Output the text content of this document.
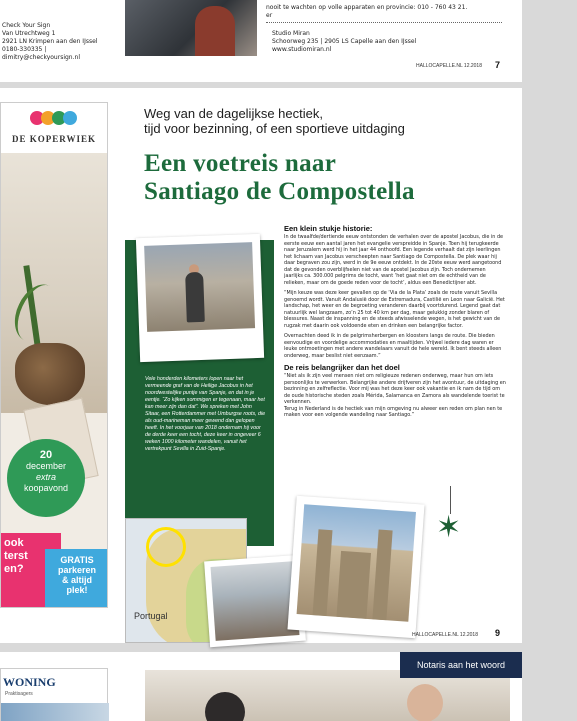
Check Your Sign
Van Utrechtweg 1
2921 LN Krimpen aan den IJssel
0180-330335 | dimitry@checkyoursign.nl
nooit te wachten op volle apparaten en er
provincie: 010 - 760 43 21.
Studio Miran
Schoorweg 235 | 2905 LS Capelle aan den IJssel
www.studiomiran.nl
HALLOCAPELLE.NL 12.2018 7
DE KOPERWIEK
20
december
extra
koopavond
ook
terst
en?
GRATIS
parkeren
& altijd
plek!
Weg van de dagelijkse hectiek,
tijd voor bezinning, of een sportieve uitdaging
Een voetreis naar
Santiago de Compostella
Vele honderden kilometers lopen naar het vermeende graf van de Heilige Jacobus in het noordwestelijke puntje van Spanje, en dat in je eentje. “Zo kijken sommigen er tegenaan, maar het kan meer zijn dan dat”. We spreken met John Sitaar, een Rotterdammer met Umburgse roots, die als oud-marineman meer gewend dan gelopen heeft. In het voorjaar van 2018 ondernam hij voor de derde keer een tocht, deze keer in ongeveer 6 weken 1000 kilometer wandelen, vanuit het vertrekpunt Sevilla in Zuid-Spanje.
Portugal
Een klein stukje historie:

In de twaalfde/dertiende eeuw ontstonden de verhalen over de apostel Jacobus, die in de eerste eeuw een aantal jaren het evangelie verspreidde in Spanje. Toen hij terugkeerde naar Jeruzalem werd hij in het jaar 44 onthoofd. Een legende verhaalt dat zijn leerlingen het lichaam van Jacobus verscheepten naar Santiago de Compostella. De plek waar hij daar begraven zou zijn, werd in de 9e eeuw ontdekt. In de 20ste eeuw werd aangetoond dat de gevonden overblijfselen niet van de apostel Jacobus zijn. Toch ondernemen jaarlijks ca. 300.000 pelgrims de tocht, want ‘het gaat niet om de echtheid van de relieken, maar om de goede reden voor de tocht’, aldus een Benedictijner abt.

“Mijn keuze was deze keer gevallen op de ‘Via de la Plata’ zoals de route vanuit Sevilla genoemd wordt. Vanuit Andalusië door de Extremadura, Castilië en Leon naar Galicië. Het landschap, het weer en de begroeting veranderen daarbij voortdurend. Legend gaat dat natuurlijk wel langzaam, zo’n 25 tot 40 km per dag, maar gelukkig zonder blaren of blessures. Naast de inspanning en de steeds afwisselende wegen, is het gewicht van de rugzak met daarin ook voldoende eten en drinken een belangrijke factor.

Overnachten deed ik in de pelgrimsherbergen en kloosters langs de route. Die bieden eenvoudige en voordelige accommodaties en maaltijden. Vrijwel iedere dag waren er leuke ontmoetingen met andere wandelaars vanuit de hele wereld. Ik bent steeds alleen onderweg, maar beslist niet eenzaam.”

De reis belangrijker dan het doel

“Niet als ik zijn veel mensen niet om religieuze redenen onderweg, maar hun om iets persoonlijks te verwerken. Belangrijke andere drijfveren zijn het avontuur, de uitdaging en bezinning en zelfreflectie. Voor mij was het deze keer ook vakantie en ik nam de tijd om de oude historische steden zoals Mérida, Salamanca en Zamora als wandelende toerist te verkennen.
Terug in Nederland is de hectiek van mijn omgeving nu alweer een reden om plan nen te maken voor een volgende wandeling naar Santiago.”

✶
HALLOCAPELLE.NL 12.2018 9
WONING
Praktisagers
Notaris aan het woord
